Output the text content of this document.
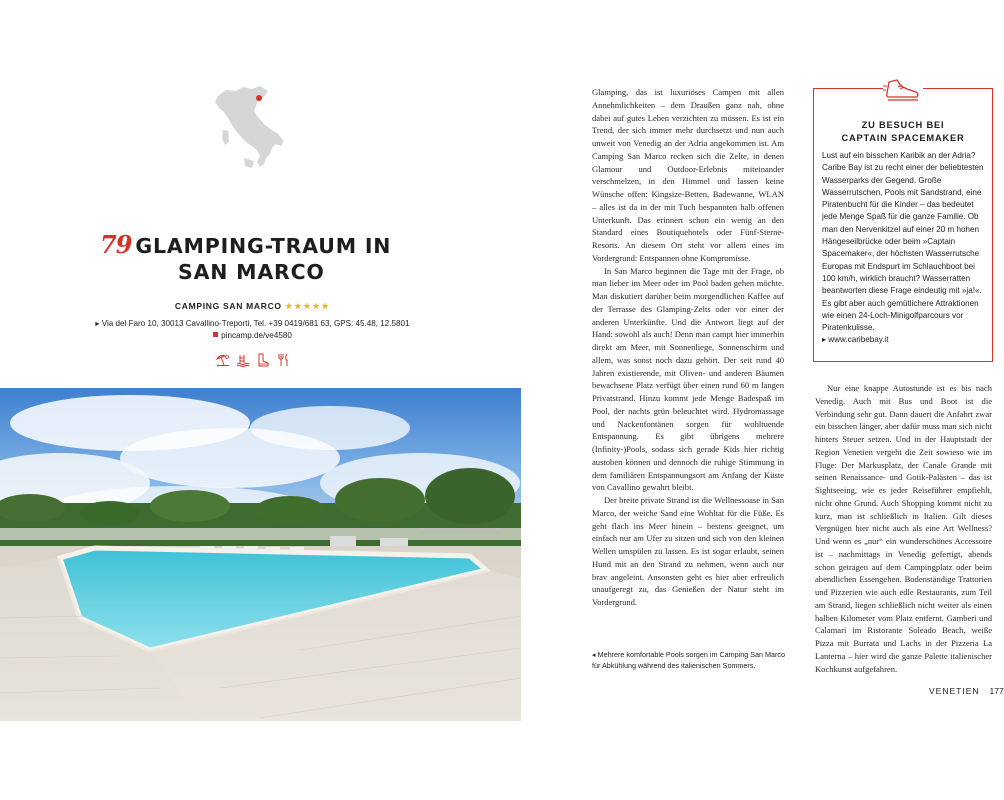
79 GLAMPING-TRAUM IN
SAN MARCO
CAMPING SAN MARCO ★★★★★
▸ Via del Faro 10, 30013 Cavallino-Treporti, Tel. +39 0419/681 63, GPS: 45.48, 12.5801
pincamp.de/ve4580

Glamping, das ist luxuriöses Campen mit allen Annehmlichkeiten – dem Draußen ganz nah, ohne dabei auf gutes Leben verzichten zu müssen. Es ist ein Trend, der sich immer mehr durchsetzt und nun auch unweit von Venedig an der Adria angekommen ist. Am Camping San Marco recken sich die Zelte, in denen Glamour und Outdoor-Erlebnis miteinander verschmelzen, in den Himmel und lassen keine Wünsche offen: Kingsize-Betten, Badewanne, WLAN – alles ist da in der mit Tuch bespannten halb offenen Unterkunft. Das erinnert schon ein wenig an den Standard eines Boutiquehotels oder Fünf-Sterne-Resorts. An diesem Ort steht vor allem eines im Vordergrund: Entspannen ohne Kompromisse.

In San Marco beginnen die Tage mit der Frage, ob man lieber im Meer oder im Pool baden gehen möchte. Man diskutiert darüber beim morgendlichen Kaffee auf der Terrasse des Glamping-Zelts oder vor einer der anderen Unterkünfte. Und die Antwort liegt auf der Hand: sowohl als auch! Denn man campt hier immerhin direkt am Meer, mit Sonnenliege, Sonnenschirm und allem, was sonst noch dazu gehört. Der seit rund 40 Jahren existierende, mit Oliven- und anderen Bäumen bewachsene Platz verfügt über einen rund 60 m langen Privatstrand. Hinzu kommt jede Menge Badespaß im Pool, der nachts grün beleuchtet wird. Hydromassage und Nackenfontänen sorgen für wohltuende Entspannung. Es gibt übrigens mehrere (Infinity-)Pools, sodass sich gerade Kids hier richtig austoben können und dennoch die ruhige Stimmung in dem familiären Entspannungsort am Anfang der Küste von Cavallino gewahrt bleibt.

Der breite private Strand ist die Wellnessoase in San Marco, der weiche Sand eine Wohltat für die Füße. Es geht flach ins Meer hinein – bestens geeignet, um einfach nur am Ufer zu sitzen und sich von den kleinen Wellen umspülen zu lassen. Es ist sogar erlaubt, seinen Hund mit an den Strand zu nehmen, wenn auch nur brav angeleint. Ansonsten geht es hier aber erfreulich unaufgeregt zu, das Genießen der Natur steht im Vordergrund.

◂ Mehrere komfortable Pools sorgen im Camping San Marco für Abkühlung während des italienischen Sommers.
ZU BESUCH BEI
CAPTAIN SPACEMAKER
Lust auf ein bisschen Karibik an der Adria? Caribe Bay ist zu recht einer der beliebtesten Wasserparks der Gegend. Große Wasserrutschen, Pools mit Sandstrand, eine Piratenbucht für die Kinder – das bedeutet jede Menge Spaß für die ganze Familie. Ob man den Nervenkitzel auf einer 20 m hohen Hängeseilbrücke oder beim »Captain Spacemaker«, der höchsten Wasserrutsche Europas mit Endspurt im Schlauchboot bei 100 km/h, wirklich braucht? Wasserratten beantworten diese Frage eindeutig mit »ja!«. Es gibt aber auch gemütlichere Attraktionen wie einen 24-Loch-Minigolfparcours vor Piratenkulisse.
▸ www.caribebay.it

Nur eine knappe Autostunde ist es bis nach Venedig. Auch mit Bus und Boot ist die Verbindung sehr gut. Dann dauert die Anfahrt zwar ein bisschen länger, aber dafür muss man sich nicht hinters Steuer setzen. Und in der Hauptstadt der Region Venetien vergeht die Zeit sowieso wie im Fluge: Der Markusplatz, der Canale Grande mit seinen Renaissance- und Gotik-Palästen – das ist Sightseeing, wie es jeder Reiseführer empfiehlt, nicht ohne Grund. Auch Shopping kommt nicht zu kurz, man ist schließlich in Italien. Gilt dieses Vergnügen hier nicht auch als eine Art Wellness? Und wenn es „nur“ ein wunderschönes Accessoire ist – nachmittags in Venedig gefertigt, abends schon getragen auf dem Campingplatz oder beim abendlichen Essengehen. Bodenständige Trattorien und Pizzerien wie auch edle Restaurants, zum Teil am Strand, liegen schließlich nicht weiter als einen halben Kilometer vom Platz entfernt. Gamberi und Calamari im Ristorante Soleado Beach, weiße Pizza mit Burrata und Lachs in der Pizzeria La Lanterna – hier wird die ganze Palette italienischer Kochkunst aufgefahren.

VENETIEN 177
